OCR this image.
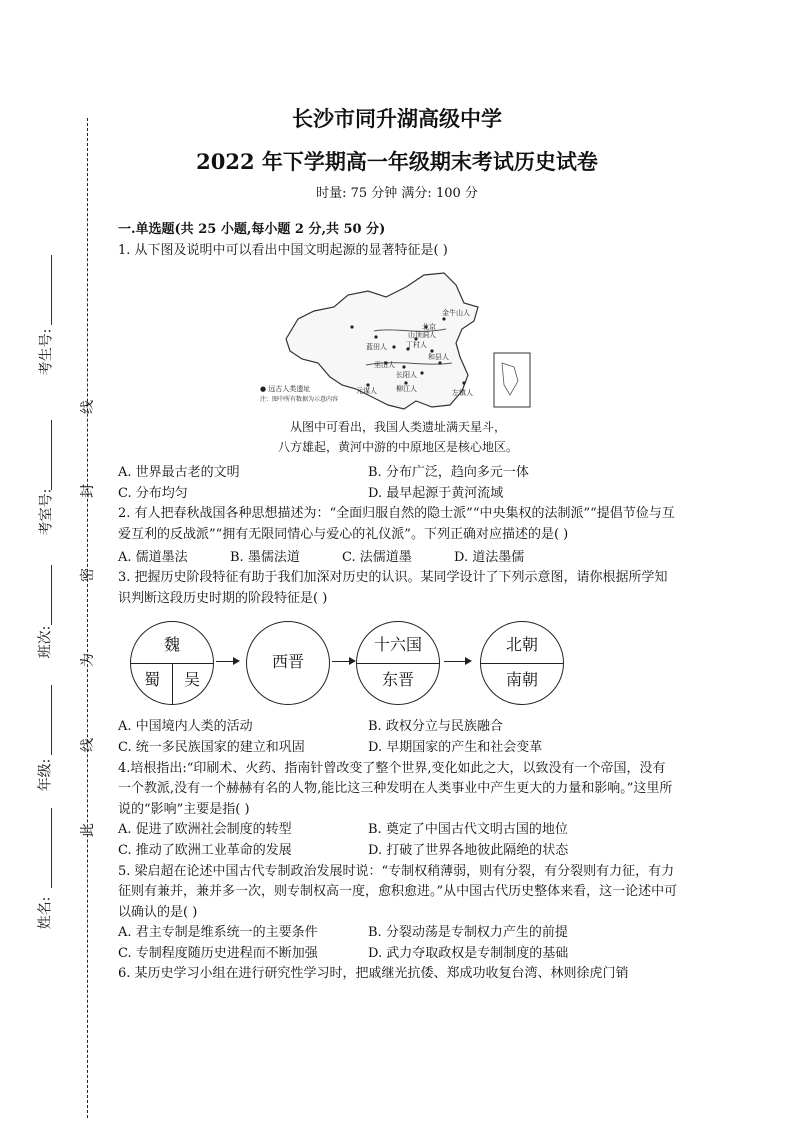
考生号:
考室号:
班次:
年级:
姓名:
线
封
密
为
线
此
长沙市同升湖高级中学
2022 年下学期高一年级期末考试历史试卷
时量: 75 分钟 满分: 100 分
一.单选题(共 25 小题,每小题 2 分,共 50 分)
1. 从下图及说明中可以看出中国文明起源的显著特征是( )
北京
金牛山人
山顶洞人
蓝田人	丁村人
和县人
巫山人
长阳人
元谋人	柳江人	左镇人
● 远古人类遗址
注：图中所有数据为示意内容
从图中可看出，我国人类遗址满天星斗，
八方雄起，黄河中游的中原地区是核心地区。
A. 世界最古老的文明	B. 分布广泛，趋向多元一体
C. 分布均匀	D. 最早起源于黄河流域
2. 有人把春秋战国各种思想描述为：“全面归服自然的隐士派”“中央集权的法制派”“提倡节俭与互爱互利的反战派”“拥有无限同情心与爱心的礼仪派”。下列正确对应描述的是( )
A. 儒道墨法	B. 墨儒法道	C. 法儒道墨	D. 道法墨儒
3. 把握历史阶段特征有助于我们加深对历史的认识。某同学设计了下列示意图，请你根据所学知识判断这段历史时期的阶段特征是( )
魏
蜀 吴
西晋
十六国
东晋
北朝
南朝
A. 中国境内人类的活动	B. 政权分立与民族融合
C. 统一多民族国家的建立和巩固	D. 早期国家的产生和社会变革
4.培根指出:“印刷术、火药、指南针曾改变了整个世界,变化如此之大，以致没有一个帝国，没有一个教派,没有一个赫赫有名的人物,能比这三种发明在人类事业中产生更大的力量和影响。”这里所说的“影响”主要是指( )
A. 促进了欧洲社会制度的转型	B. 奠定了中国古代文明古国的地位
C. 推动了欧洲工业革命的发展	D. 打破了世界各地彼此隔绝的状态
5. 梁启超在论述中国古代专制政治发展时说：“专制权稍薄弱，则有分裂，有分裂则有力征，有力征则有兼并，兼并多一次，则专制权高一度，愈积愈进。”从中国古代历史整体来看，这一论述中可以确认的是( )
A. 君主专制是维系统一的主要条件	B. 分裂动荡是专制权力产生的前提
C. 专制程度随历史进程而不断加强	D. 武力夺取政权是专制制度的基础
6. 某历史学习小组在进行研究性学习时，把戚继光抗倭、郑成功收复台湾、林则徐虎门销
